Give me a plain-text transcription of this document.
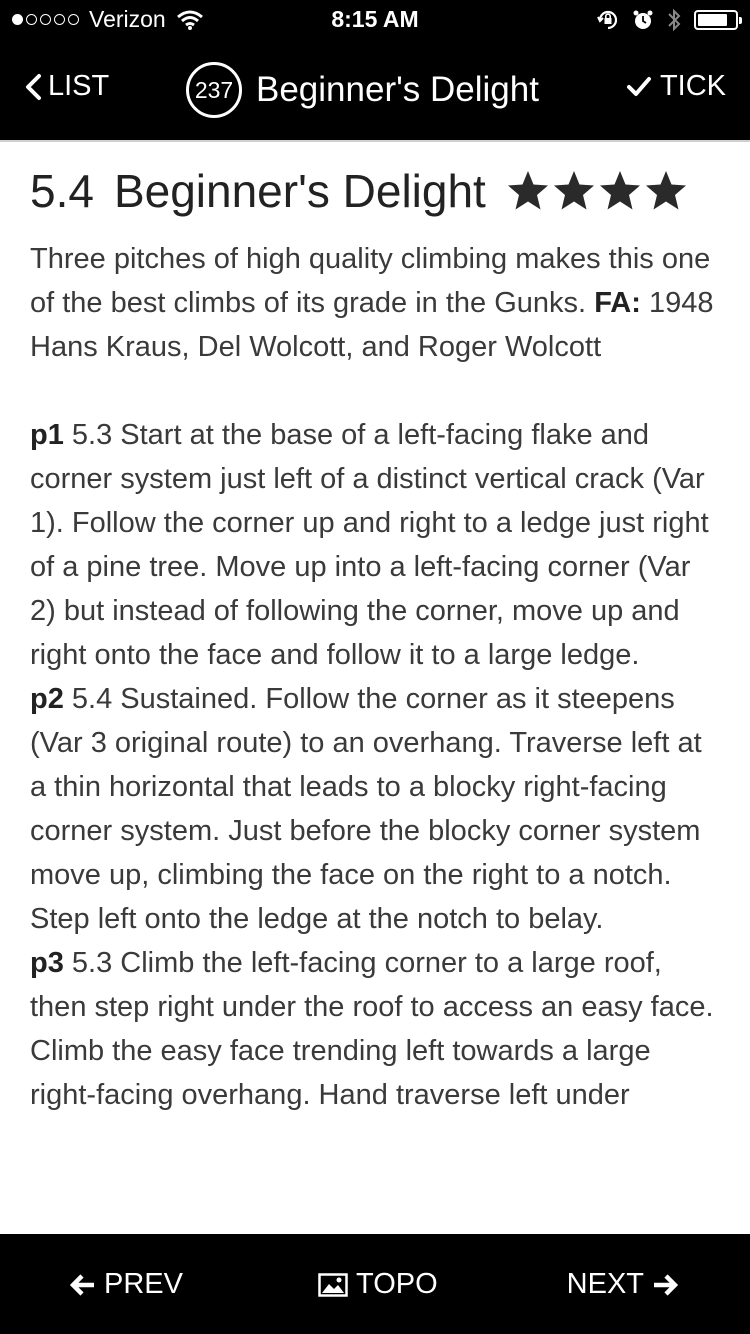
Verizon	8:15 AM
LIST	237 Beginner's Delight	TICK
5.4 Beginner's Delight

Three pitches of high quality climbing makes this one of the best climbs of its grade in the Gunks. FA: 1948 Hans Kraus, Del Wolcott, and Roger Wolcott

p1 5.3 Start at the base of a left-facing flake and corner system just left of a distinct vertical crack (Var 1). Follow the corner up and right to a ledge just right of a pine tree. Move up into a left-facing corner (Var 2) but instead of following the corner, move up and right onto the face and follow it to a large ledge.

p2 5.4 Sustained. Follow the corner as it steepens (Var 3 original route) to an overhang. Traverse left at a thin horizontal that leads to a blocky right-facing corner system. Just before the blocky corner system move up, climbing the face on the right to a notch. Step left onto the ledge at the notch to belay.

p3 5.3 Climb the left-facing corner to a large roof, then step right under the roof to access an easy face. Climb the easy face trending left towards a large right-facing overhang. Hand traverse left under

PREV	TOPO	NEXT
